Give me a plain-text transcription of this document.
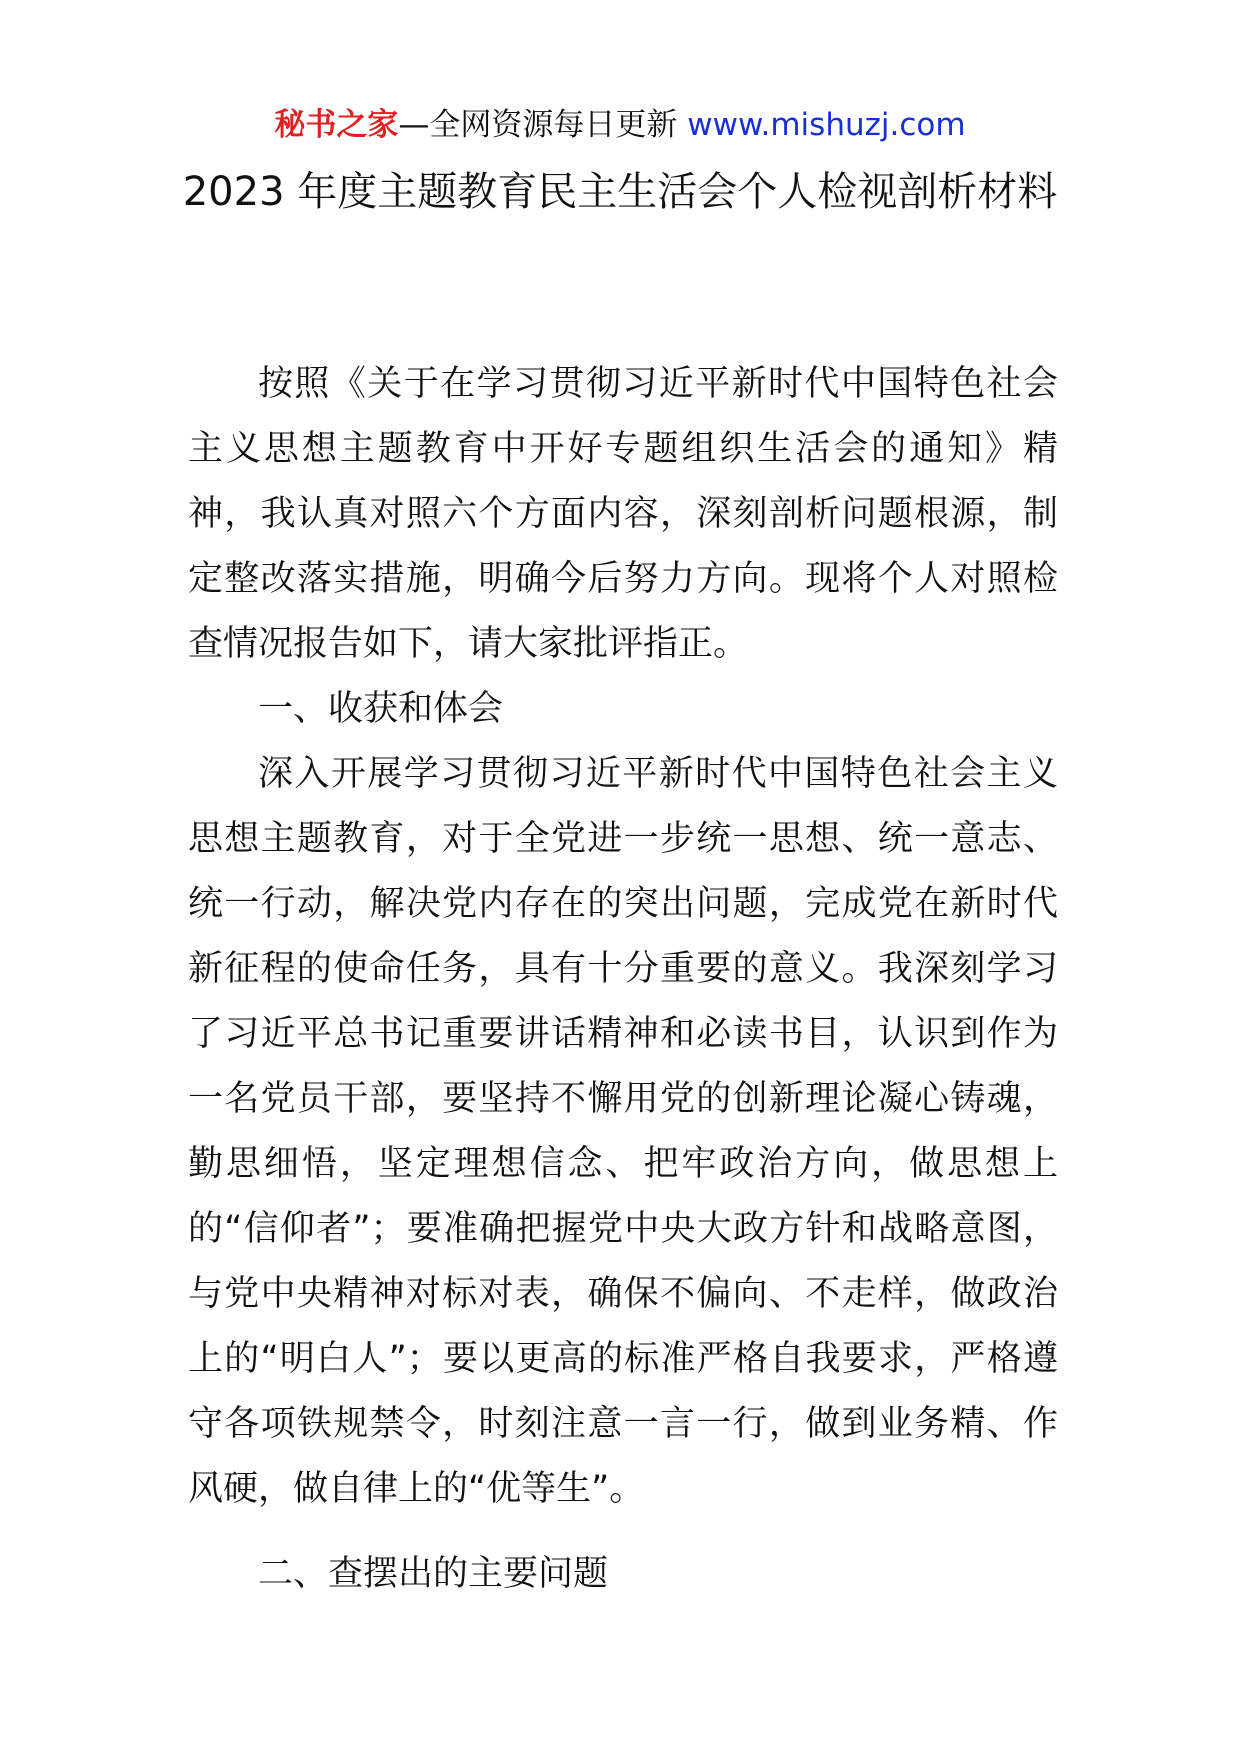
秘书之家—全网资源每日更新 www.mishuzj.com
2023 年度主题教育民主生活会个人检视剖析材料

按照《关于在学习贯彻习近平新时代中国特色社会主义思想主题教育中开好专题组织生活会的通知》精神，我认真对照六个方面内容，深刻剖析问题根源，制定整改落实措施，明确今后努力方向。现将个人对照检查情况报告如下，请大家批评指正。

一、收获和体会

深入开展学习贯彻习近平新时代中国特色社会主义思想主题教育，对于全党进一步统一思想、统一意志、统一行动，解决党内存在的突出问题，完成党在新时代新征程的使命任务，具有十分重要的意义。我深刻学习了习近平总书记重要讲话精神和必读书目，认识到作为一名党员干部，要坚持不懈用党的创新理论凝心铸魂，勤思细悟，坚定理想信念、把牢政治方向，做思想上的“信仰者”；要准确把握党中央大政方针和战略意图，与党中央精神对标对表，确保不偏向、不走样，做政治上的“明白人”；要以更高的标准严格自我要求，严格遵守各项铁规禁令，时刻注意一言一行，做到业务精、作风硬，做自律上的“优等生”。

二、查摆出的主要问题
